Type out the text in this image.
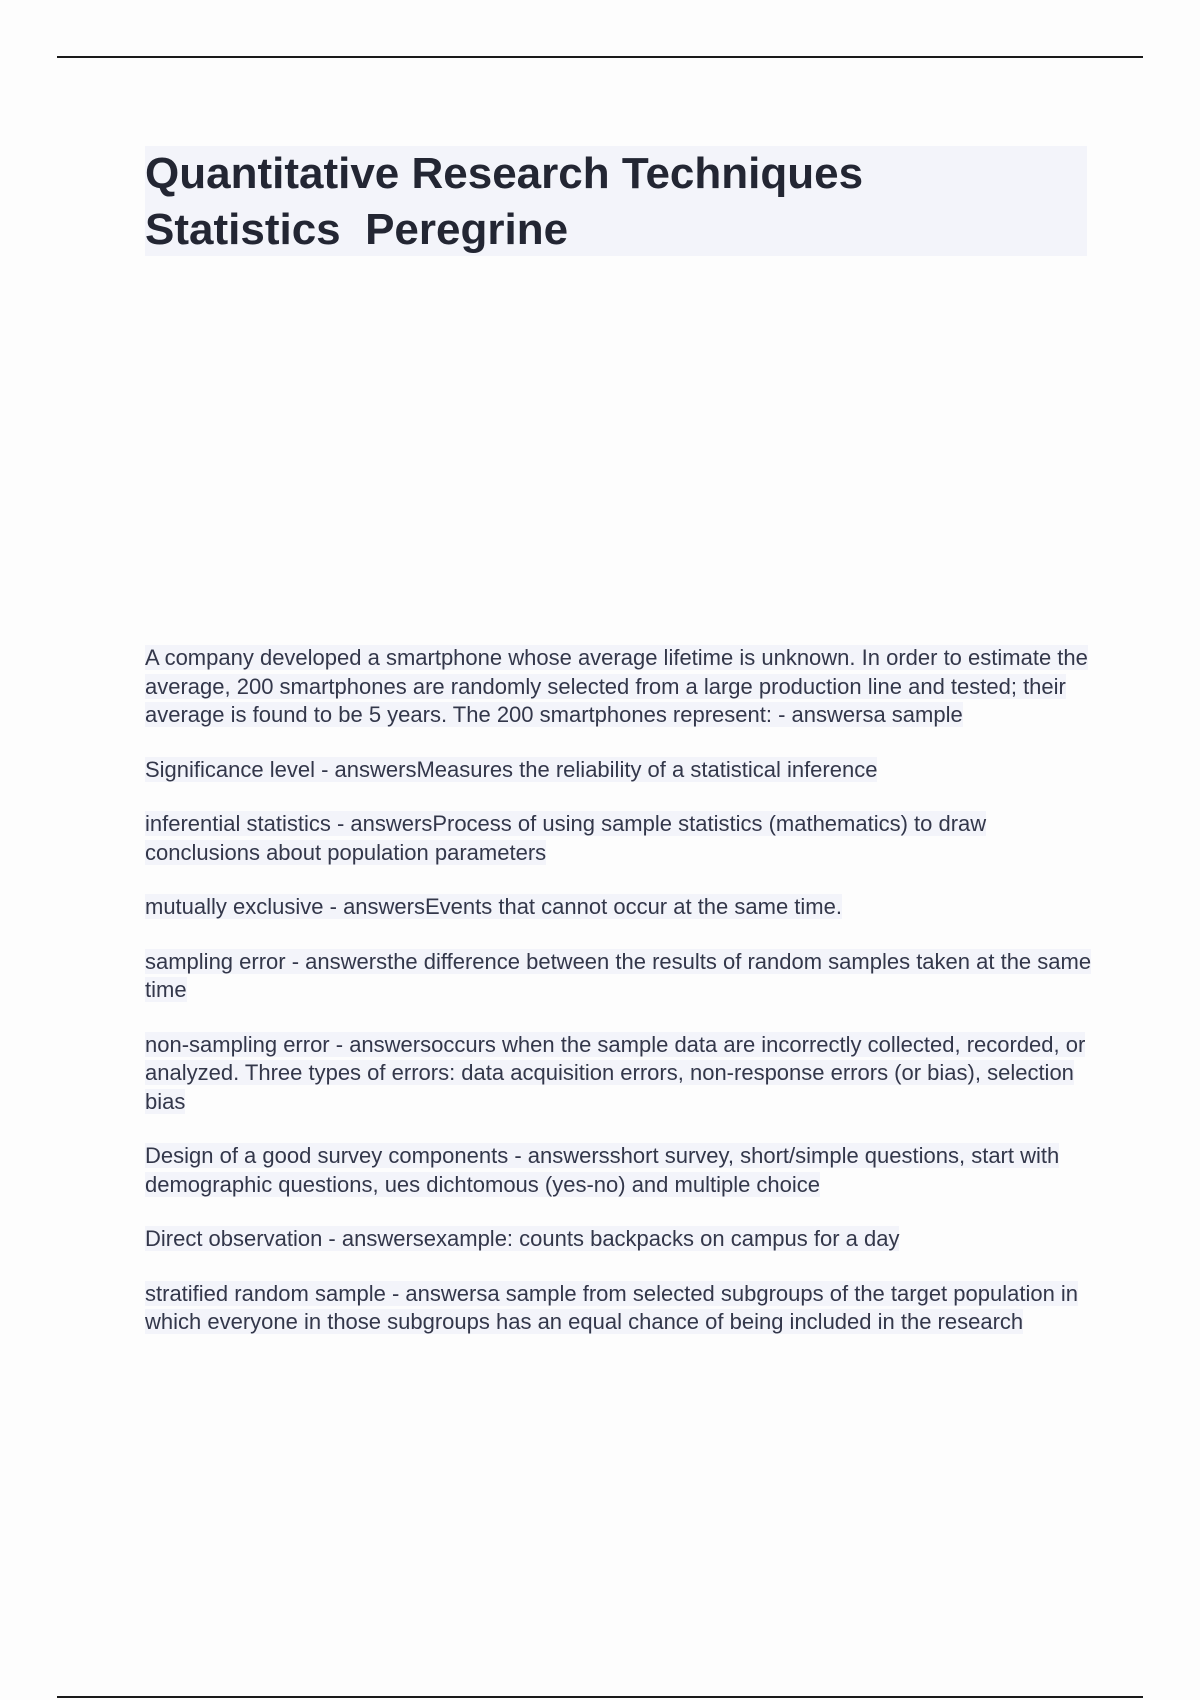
Quantitative Research Techniques
Statistics  Peregrine
A company developed a smartphone whose average lifetime is unknown. In order to estimate the average, 200 smartphones are randomly selected from a large production line and tested; their average is found to be 5 years. The 200 smartphones represent: - answersa sample
Significance level - answersMeasures the reliability of a statistical inference
inferential statistics - answersProcess of using sample statistics (mathematics) to draw conclusions about population parameters
mutually exclusive - answersEvents that cannot occur at the same time.
sampling error - answersthe difference between the results of random samples taken at the same time
non-sampling error - answersoccurs when the sample data are incorrectly collected, recorded, or analyzed. Three types of errors: data acquisition errors, non-response errors (or bias), selection bias
Design of a good survey components - answersshort survey, short/simple questions, start with demographic questions, ues dichtomous (yes-no) and multiple choice
Direct observation - answersexample: counts backpacks on campus for a day
stratified random sample - answersa sample from selected subgroups of the target population in which everyone in those subgroups has an equal chance of being included in the research
